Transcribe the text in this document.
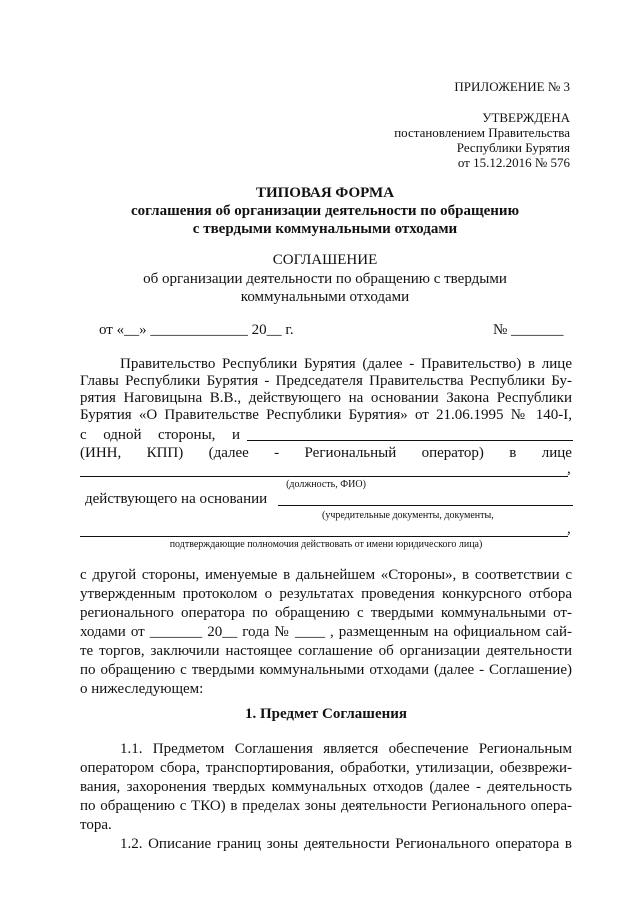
ПРИЛОЖЕНИЕ № 3
УТВЕРЖДЕНА
постановлением Правительства
Республики Бурятия
от 15.12.2016 № 576
ТИПОВАЯ ФОРМА
соглашения об организации деятельности по обращению
с твердыми коммунальными отходами
СОГЛАШЕНИЕ
об организации деятельности по обращению с твердыми
коммунальными отходами
от «__» _____________ 20__ г.	№ _______
Правительство Республики Бурятия (далее - Правительство) в лице
Главы Республики Бурятия - Председателя Правительства Республики Бу-
рятия Наговицына В.В., действующего на основании Закона Республики
Бурятия «О Правительстве Республики Бурятия» от 21.06.1995 № 140-I,
с одной стороны, и
(ИНН, КПП) (далее - Региональный оператор) в лице
,
(должность, ФИО)
действующего на основании
(учредительные документы, документы,
,
подтверждающие полномочия действовать от имени юридического лица)
с другой стороны, именуемые в дальнейшем «Стороны», в соответствии с
утвержденным протоколом о результатах проведения конкурсного отбора
регионального оператора по обращению с твердыми коммунальными от-
ходами от _______ 20__ года № ____ , размещенным на официальном сай-
те торгов, заключили настоящее соглашение об организации деятельности
по обращению с твердыми коммунальными отходами (далее - Соглашение)
о нижеследующем:
1. Предмет Соглашения
1.1. Предметом Соглашения является обеспечение Региональным
оператором сбора, транспортирования, обработки, утилизации, обезврежи-
вания, захоронения твердых коммунальных отходов (далее - деятельность
по обращению с ТКО) в пределах зоны деятельности Регионального опера-
тора.
1.2. Описание границ зоны деятельности Регионального оператора в
